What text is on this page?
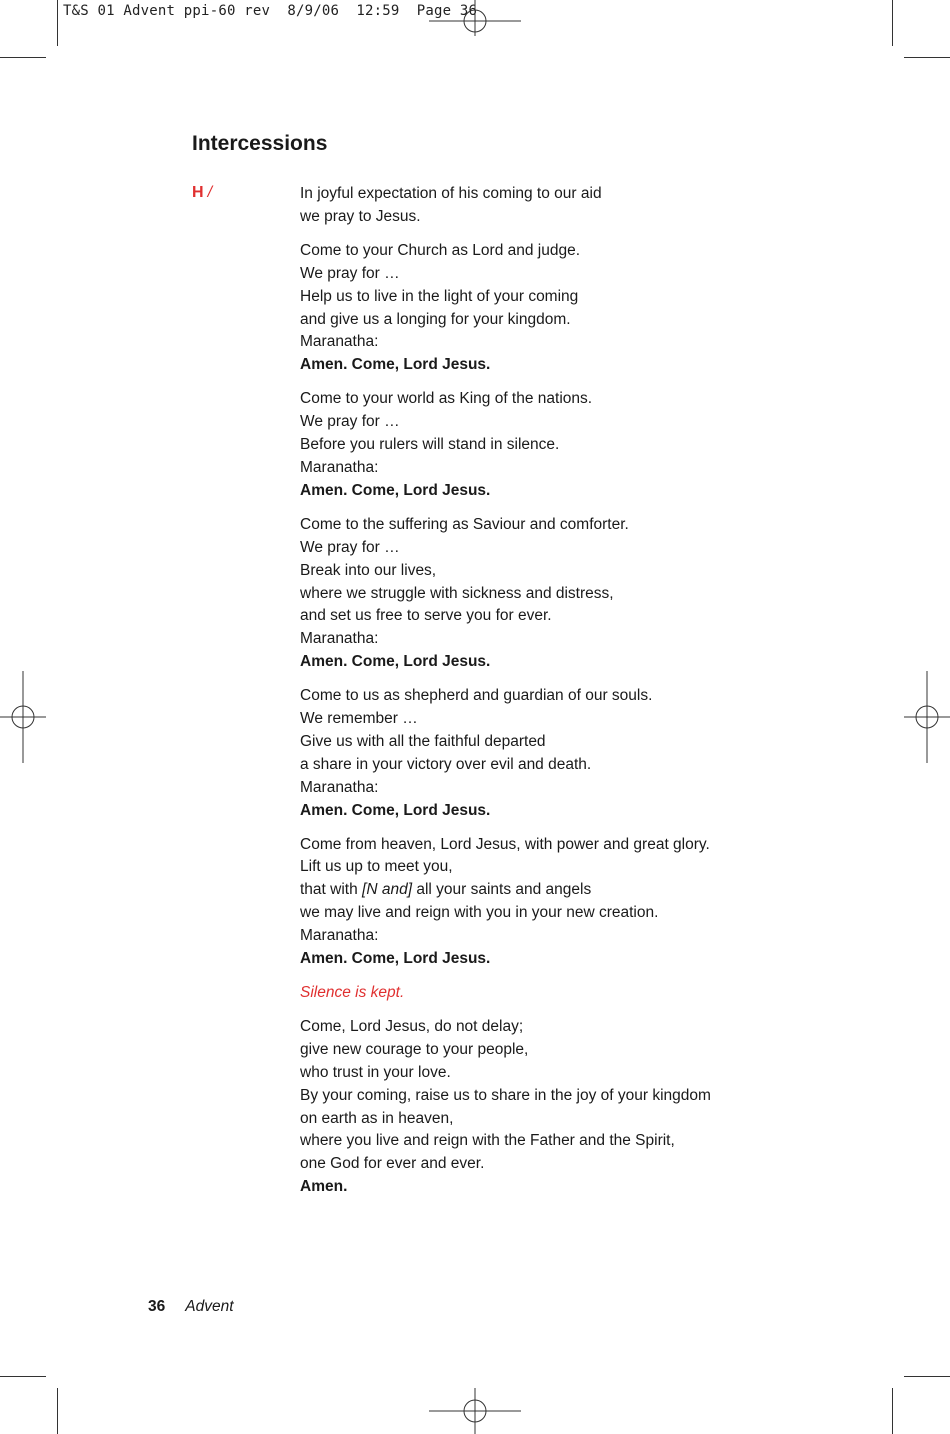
T&S 01 Advent ppi-60 rev  8/9/06  12:59  Page 36
Intercessions
H /	In joyful expectation of his coming to our aid
we pray to Jesus.
Come to your Church as Lord and judge.
We pray for …
Help us to live in the light of your coming
and give us a longing for your kingdom.
Maranatha:
Amen. Come, Lord Jesus.
Come to your world as King of the nations.
We pray for …
Before you rulers will stand in silence.
Maranatha:
Amen. Come, Lord Jesus.
Come to the suffering as Saviour and comforter.
We pray for …
Break into our lives,
where we struggle with sickness and distress,
and set us free to serve you for ever.
Maranatha:
Amen. Come, Lord Jesus.
Come to us as shepherd and guardian of our souls.
We remember …
Give us with all the faithful departed
a share in your victory over evil and death.
Maranatha:
Amen. Come, Lord Jesus.
Come from heaven, Lord Jesus, with power and great glory.
Lift us up to meet you,
that with [N and] all your saints and angels
we may live and reign with you in your new creation.
Maranatha:
Amen. Come, Lord Jesus.
Silence is kept.
Come, Lord Jesus, do not delay;
give new courage to your people,
who trust in your love.
By your coming, raise us to share in the joy of your kingdom
on earth as in heaven,
where you live and reign with the Father and the Spirit,
one God for ever and ever.
Amen.
36 Advent
